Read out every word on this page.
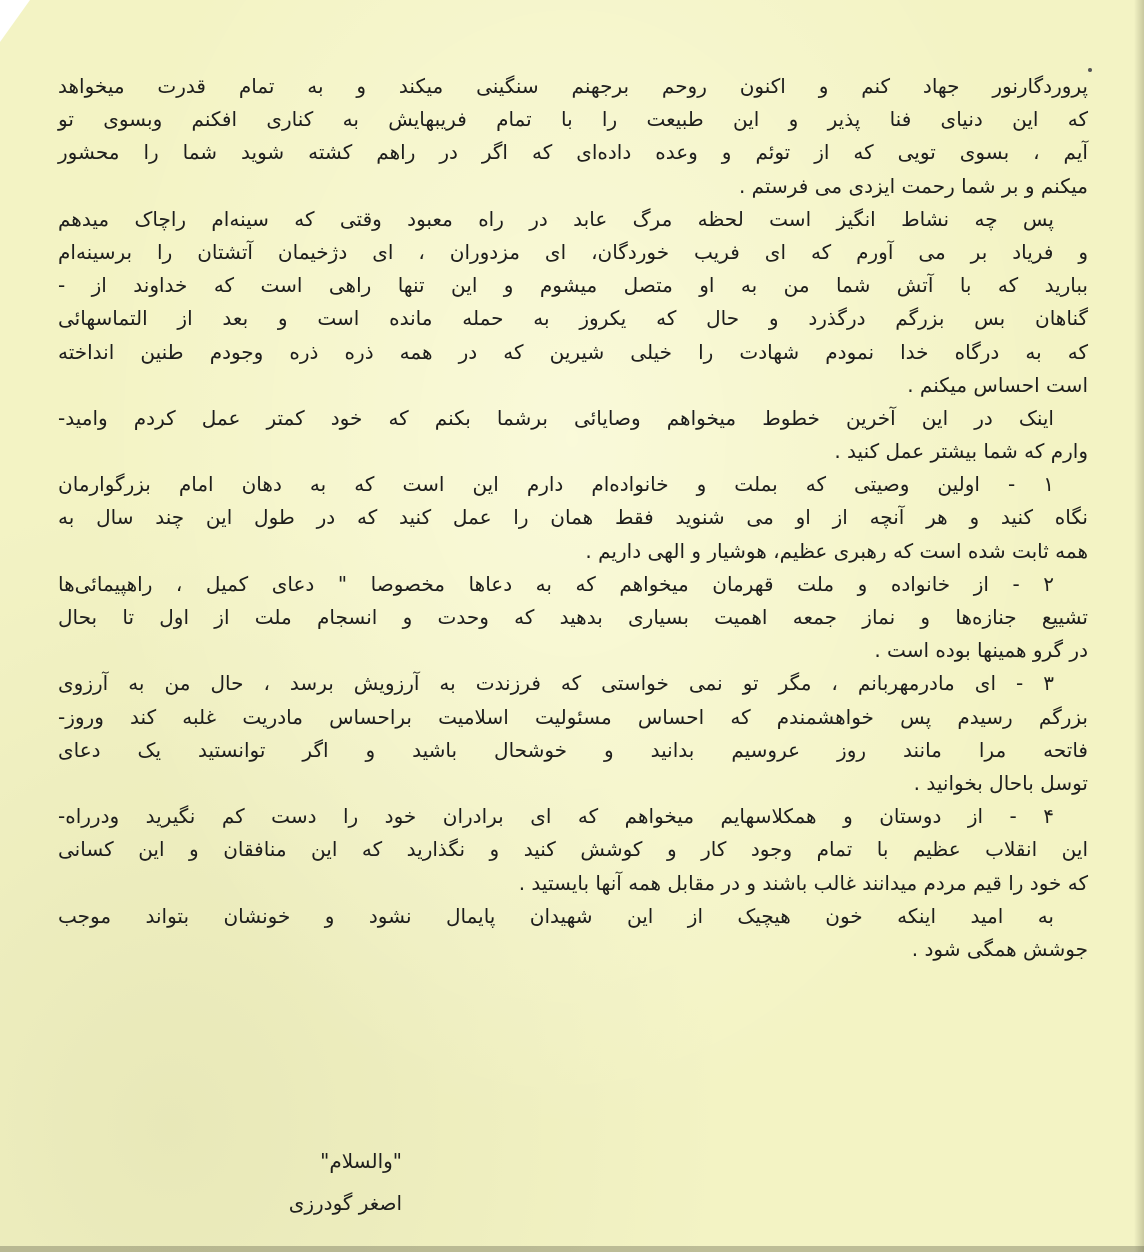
پروردگارنور جهاد کنم و اکنون روحم برجهنم سنگینی میکند و به تمام قدرت میخواهد
که این دنیای فنا پذیر و این طبیعت را با تمام فریبهایش به کناری افکنم وبسوی تو
آیم ، بسوی تویی که از توئم و وعده داده‌ای که اگر در راهم کشته شوید شما را محشور
میکنم و بر شما رحمت ایزدی می فرستم .
پس چه نشاط انگیز است لحظه مرگ عابد در راه معبود وقتی که سینه‌ام راچاک میدهم
و فریاد بر می آورم که ای فریب خوردگان، ای مزدوران ، ای دژخیمان آتشتان را برسینه‌ام
ببارید که با آتش شما من به او متصل میشوم و این تنها راهی است که خداوند از -
گناهان بس بزرگم درگذرد و حال که یکروز به حمله مانده است و بعد از التماسهائی
که به درگاه خدا نمودم شهادت را خیلی شیرین که در همه ذره ذره وجودم طنین انداخته
است احساس میکنم .
اینک در این آخرین خطوط میخواهم وصایائی برشما بکنم که خود کمتر عمل کردم وامید-
وارم که شما بیشتر عمل کنید .
۱ - اولین وصیتی که بملت و خانواده‌ام دارم این است که به دهان امام بزرگوارمان
نگاه کنید و هر آنچه از او می شنوید فقط همان را عمل کنید که در طول این چند سال به
همه ثابت شده است که رهبری عظیم، هوشیار و الهی داریم .
۲ - از خانواده و ملت قهرمان میخواهم که به دعاها مخصوصا " دعای کمیل ، راهپیمائی‌ها
تشییع جنازه‌ها و نماز جمعه اهمیت بسیاری بدهید که وحدت و انسجام ملت از اول تا بحال
در گرو همینها بوده است .
۳ - ای مادرمهربانم ، مگر تو نمی خواستی که فرزندت به آرزویش برسد ، حال من به آرزوی
بزرگم رسیدم پس خواهشمندم که احساس مسئولیت اسلامیت براحساس مادریت غلبه کند وروز-
فاتحه مرا مانند روز عروسیم بدانید و خوشحال باشید و اگر توانستید یک دعای
توسل باحال بخوانید .
۴ - از دوستان و همکلاسهایم میخواهم که ای برادران خود را دست کم نگیرید ودرراه-
این انقلاب عظیم با تمام وجود کار و کوشش کنید و نگذارید که این منافقان و این کسانی
که خود را قیم مردم میدانند غالب باشند و در مقابل همه آنها بایستید .
به امید اینکه خون هیچیک از این شهیدان پایمال نشود و خونشان بتواند موجب
جوشش همگی شود .
"والسلام"
اصغر گودرزی
